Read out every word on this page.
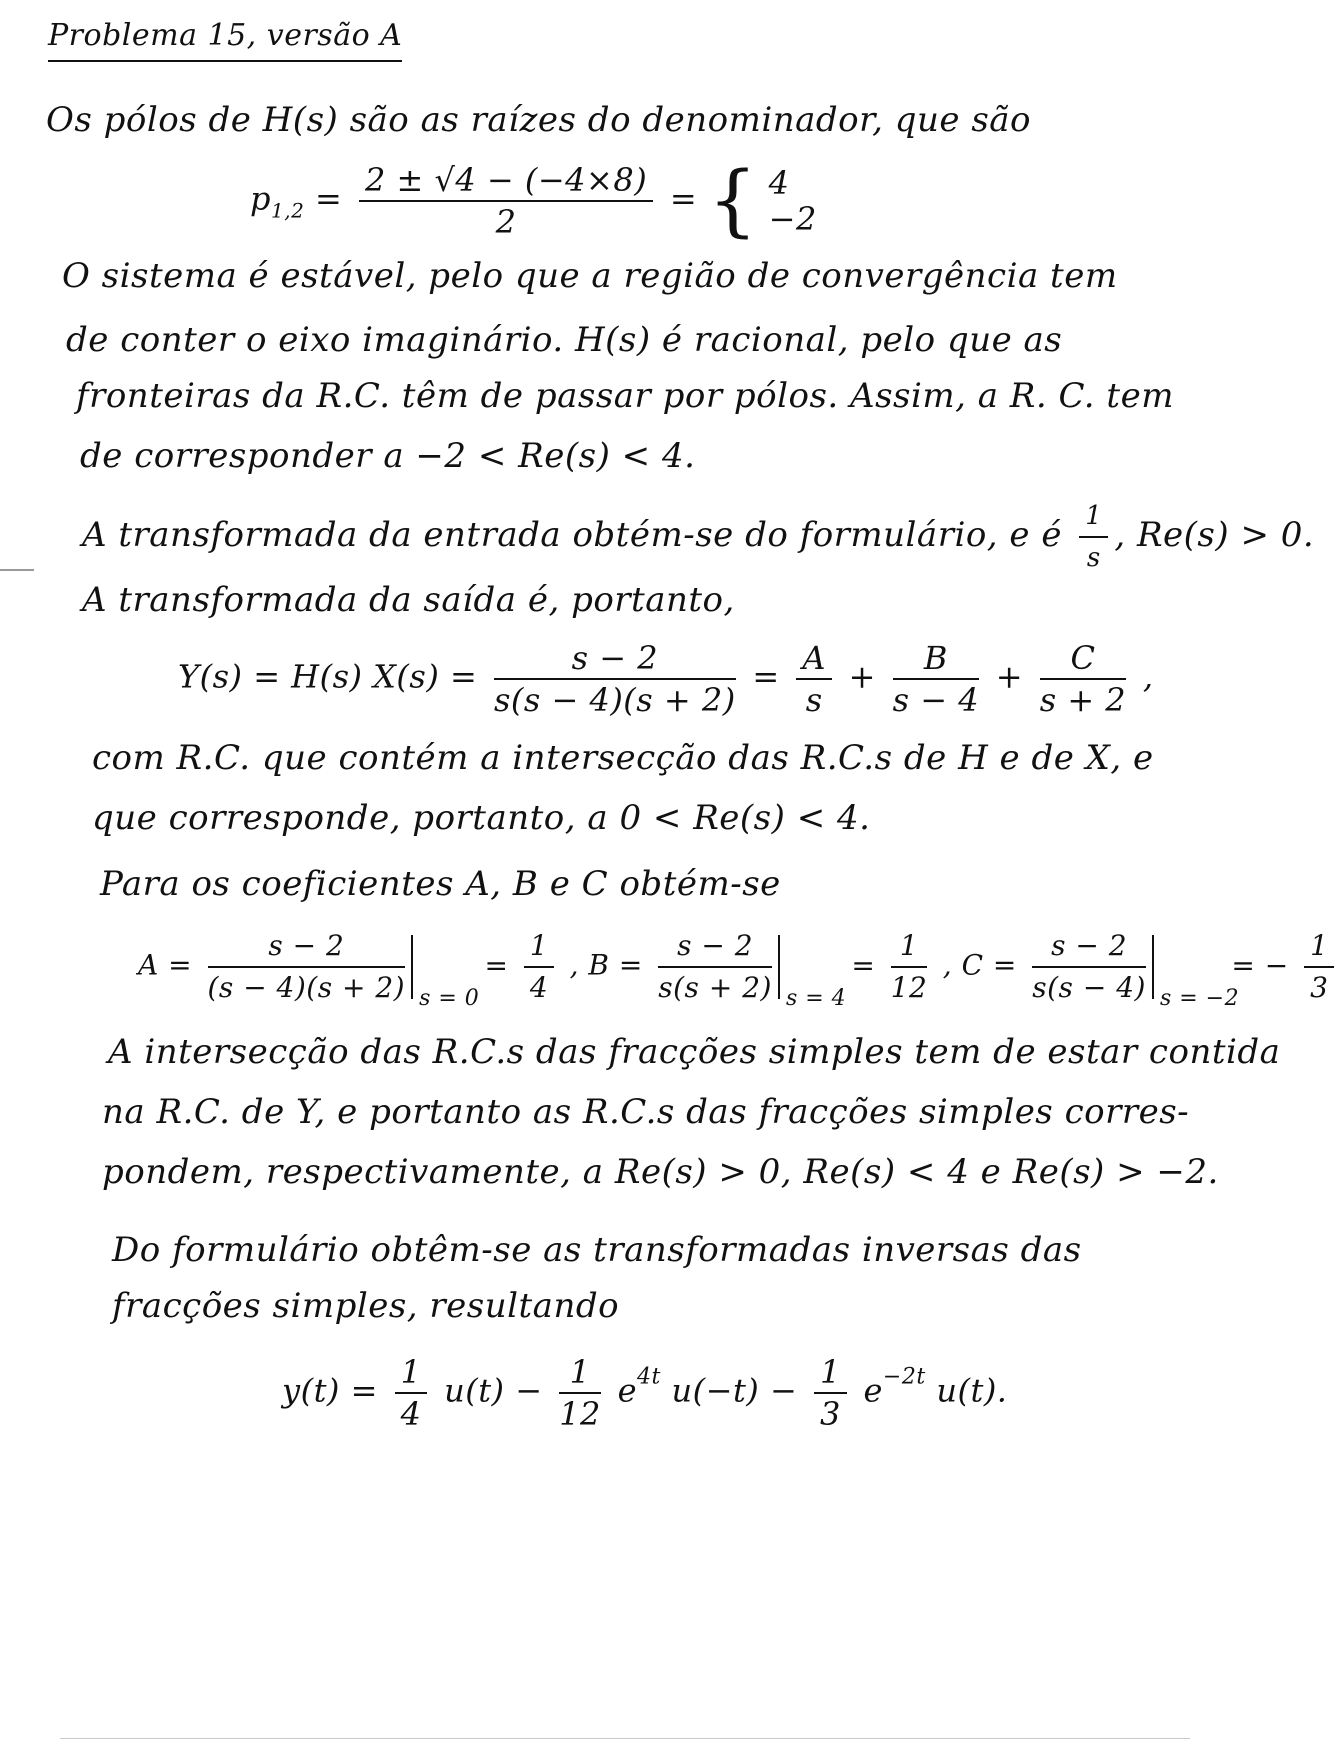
Problema 15, versão A
Os pólos de H(s) são as raízes do denominador, que são
$p_{1,2} = \frac{2 \pm √4 - (-4\times 8)}{2}$ = { 4
−2
O sistema é estável, pelo que a região de convergência tem
de conter o eixo imaginário. H(s) é racional, pelo que as
fronteiras da R.C. têm de passar por pólos. Assim, a R. C. tem
de corresponder a −2 < Re(s) < 4.
A transformada da entrada obtém-se do formulário, e é $\frac{1}{s}$ , Re(s) > 0.
A transformada da saída é, portanto,
Y(s) = H(s) $X(s) = \frac{s - 2}{s(s - 4)(s + 2)} = \frac{A}{s} + \frac{B}{s - 4} + \frac{C}{s + 2}$ ,
com R.C. que contém a intersecção das R.C.s de H e de X, e
que corresponde, portanto, a 0 < Re(s) < 4.
Para os coeficientes A, B e C obtém-se
$A = \frac{s - 2}{(s - 4)(s + 2)}$ s = 0
= $\frac{1}{4}$ , $B = \frac{s - 2}{s(s + 2)}$ s = 4
= $\frac{1}{12}$ , $C = \frac{s - 2}{s(s - 4)}$ s = −2
= − $\frac{1}{3}$
A intersecção das R.C.s das fracções simples tem de estar contida
na R.C. de Y, e portanto as R.C.s das fracções simples corres-
pondem, respectivamente, a Re(s) > 0, Re(s) < 4 e Re(s) > −2.
Do formulário obtêm-se as transformadas inversas das
fracções simples, resultando
$y(t) = \frac{1}{4} u(t) - \frac{1}{12} e^{4t}$ $u(-t) - \frac{1}{3} e^{-2t}$ u(t).
